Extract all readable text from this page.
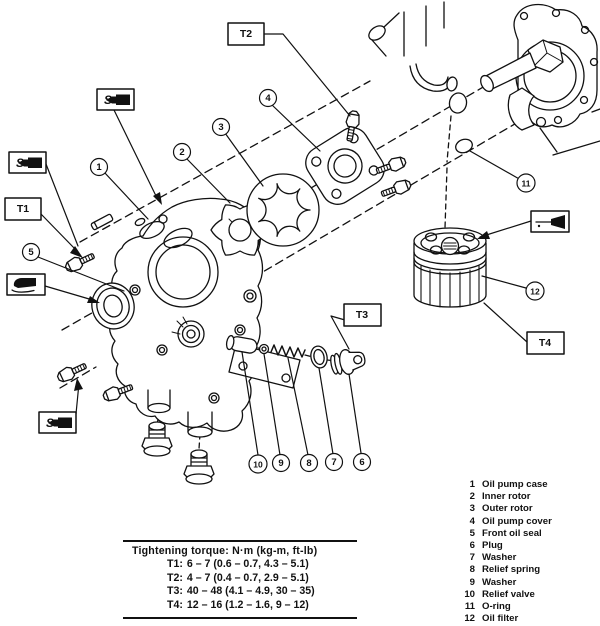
T1
T2
T3
T4
S
S
S
1
2
3
4
5
6
7
8
9
10
11
12
Tightening torque: N·m (kg-m, ft-lb)
T1: 6 – 7 (0.6 – 0.7, 4.3 – 5.1)
T2: 4 – 7 (0.4 – 0.7, 2.9 – 5.1)
T3: 40 – 48 (4.1 – 4.9, 30 – 35)
T4: 12 – 16 (1.2 – 1.6, 9 – 12)
1 Oil pump case
2 Inner rotor
3 Outer rotor
4 Oil pump cover
5 Front oil seal
6 Plug
7 Washer
8 Relief spring
9 Washer
10 Relief valve
11 O-ring
12 Oil filter
